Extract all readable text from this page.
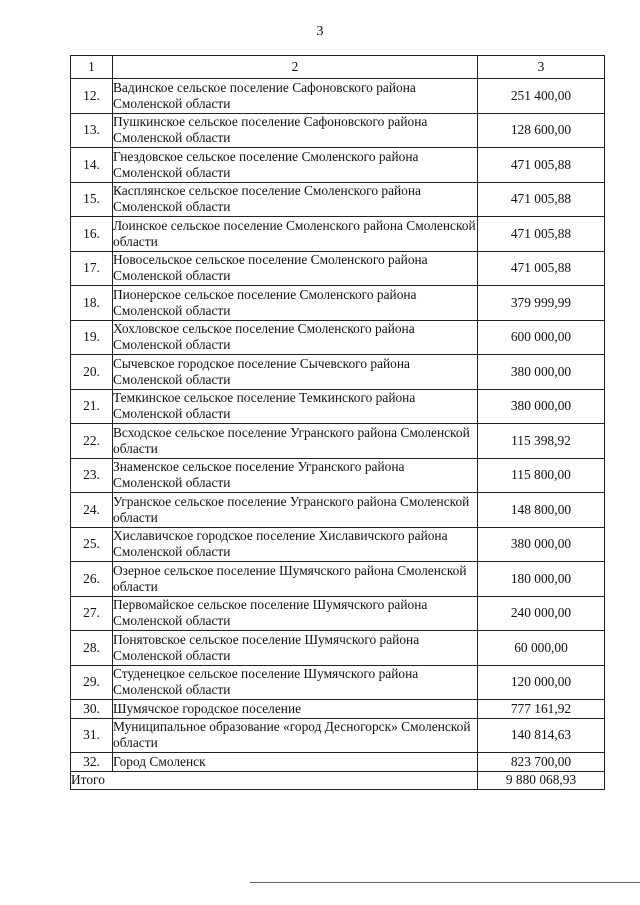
3
1	2	3
12.	Вадинское сельское поселение Сафоновского района Смоленской области	251 400,00
13.	Пушкинское сельское поселение Сафоновского района Смоленской области	128 600,00
14.	Гнездовское сельское поселение Смоленского района Смоленской области	471 005,88
15.	Касплянское сельское поселение Смоленского района Смоленской области	471 005,88
16.	Лоинское сельское поселение Смоленского района Смоленской области	471 005,88
17.	Новосельское сельское поселение Смоленского района Смоленской области	471 005,88
18.	Пионерское сельское поселение Смоленского района Смоленской области	379 999,99
19.	Хохловское сельское поселение Смоленского района Смоленской области	600 000,00
20.	Сычевское городское поселение Сычевского района Смоленской области	380 000,00
21.	Темкинское сельское поселение Темкинского района Смоленской области	380 000,00
22.	Всходское сельское поселение Угранского района Смоленской области	115 398,92
23.	Знаменское сельское поселение Угранского района Смоленской области	115 800,00
24.	Угранское сельское поселение Угранского района Смоленской области	148 800,00
25.	Хиславичское городское поселение Хиславичского района Смоленской области	380 000,00
26.	Озерное сельское поселение Шумячского района Смоленской области	180 000,00
27.	Первомайское сельское поселение Шумячского района Смоленской области	240 000,00
28.	Понятовское сельское поселение Шумячского района Смоленской области	60 000,00
29.	Студенецкое сельское поселение Шумячского района Смоленской области	120 000,00
30.	Шумячское городское поселение	777 161,92
31.	Муниципальное образование «город Десногорск» Смоленской области	140 814,63
32.	Город Смоленск	823 700,00
Итого		9 880 068,93
